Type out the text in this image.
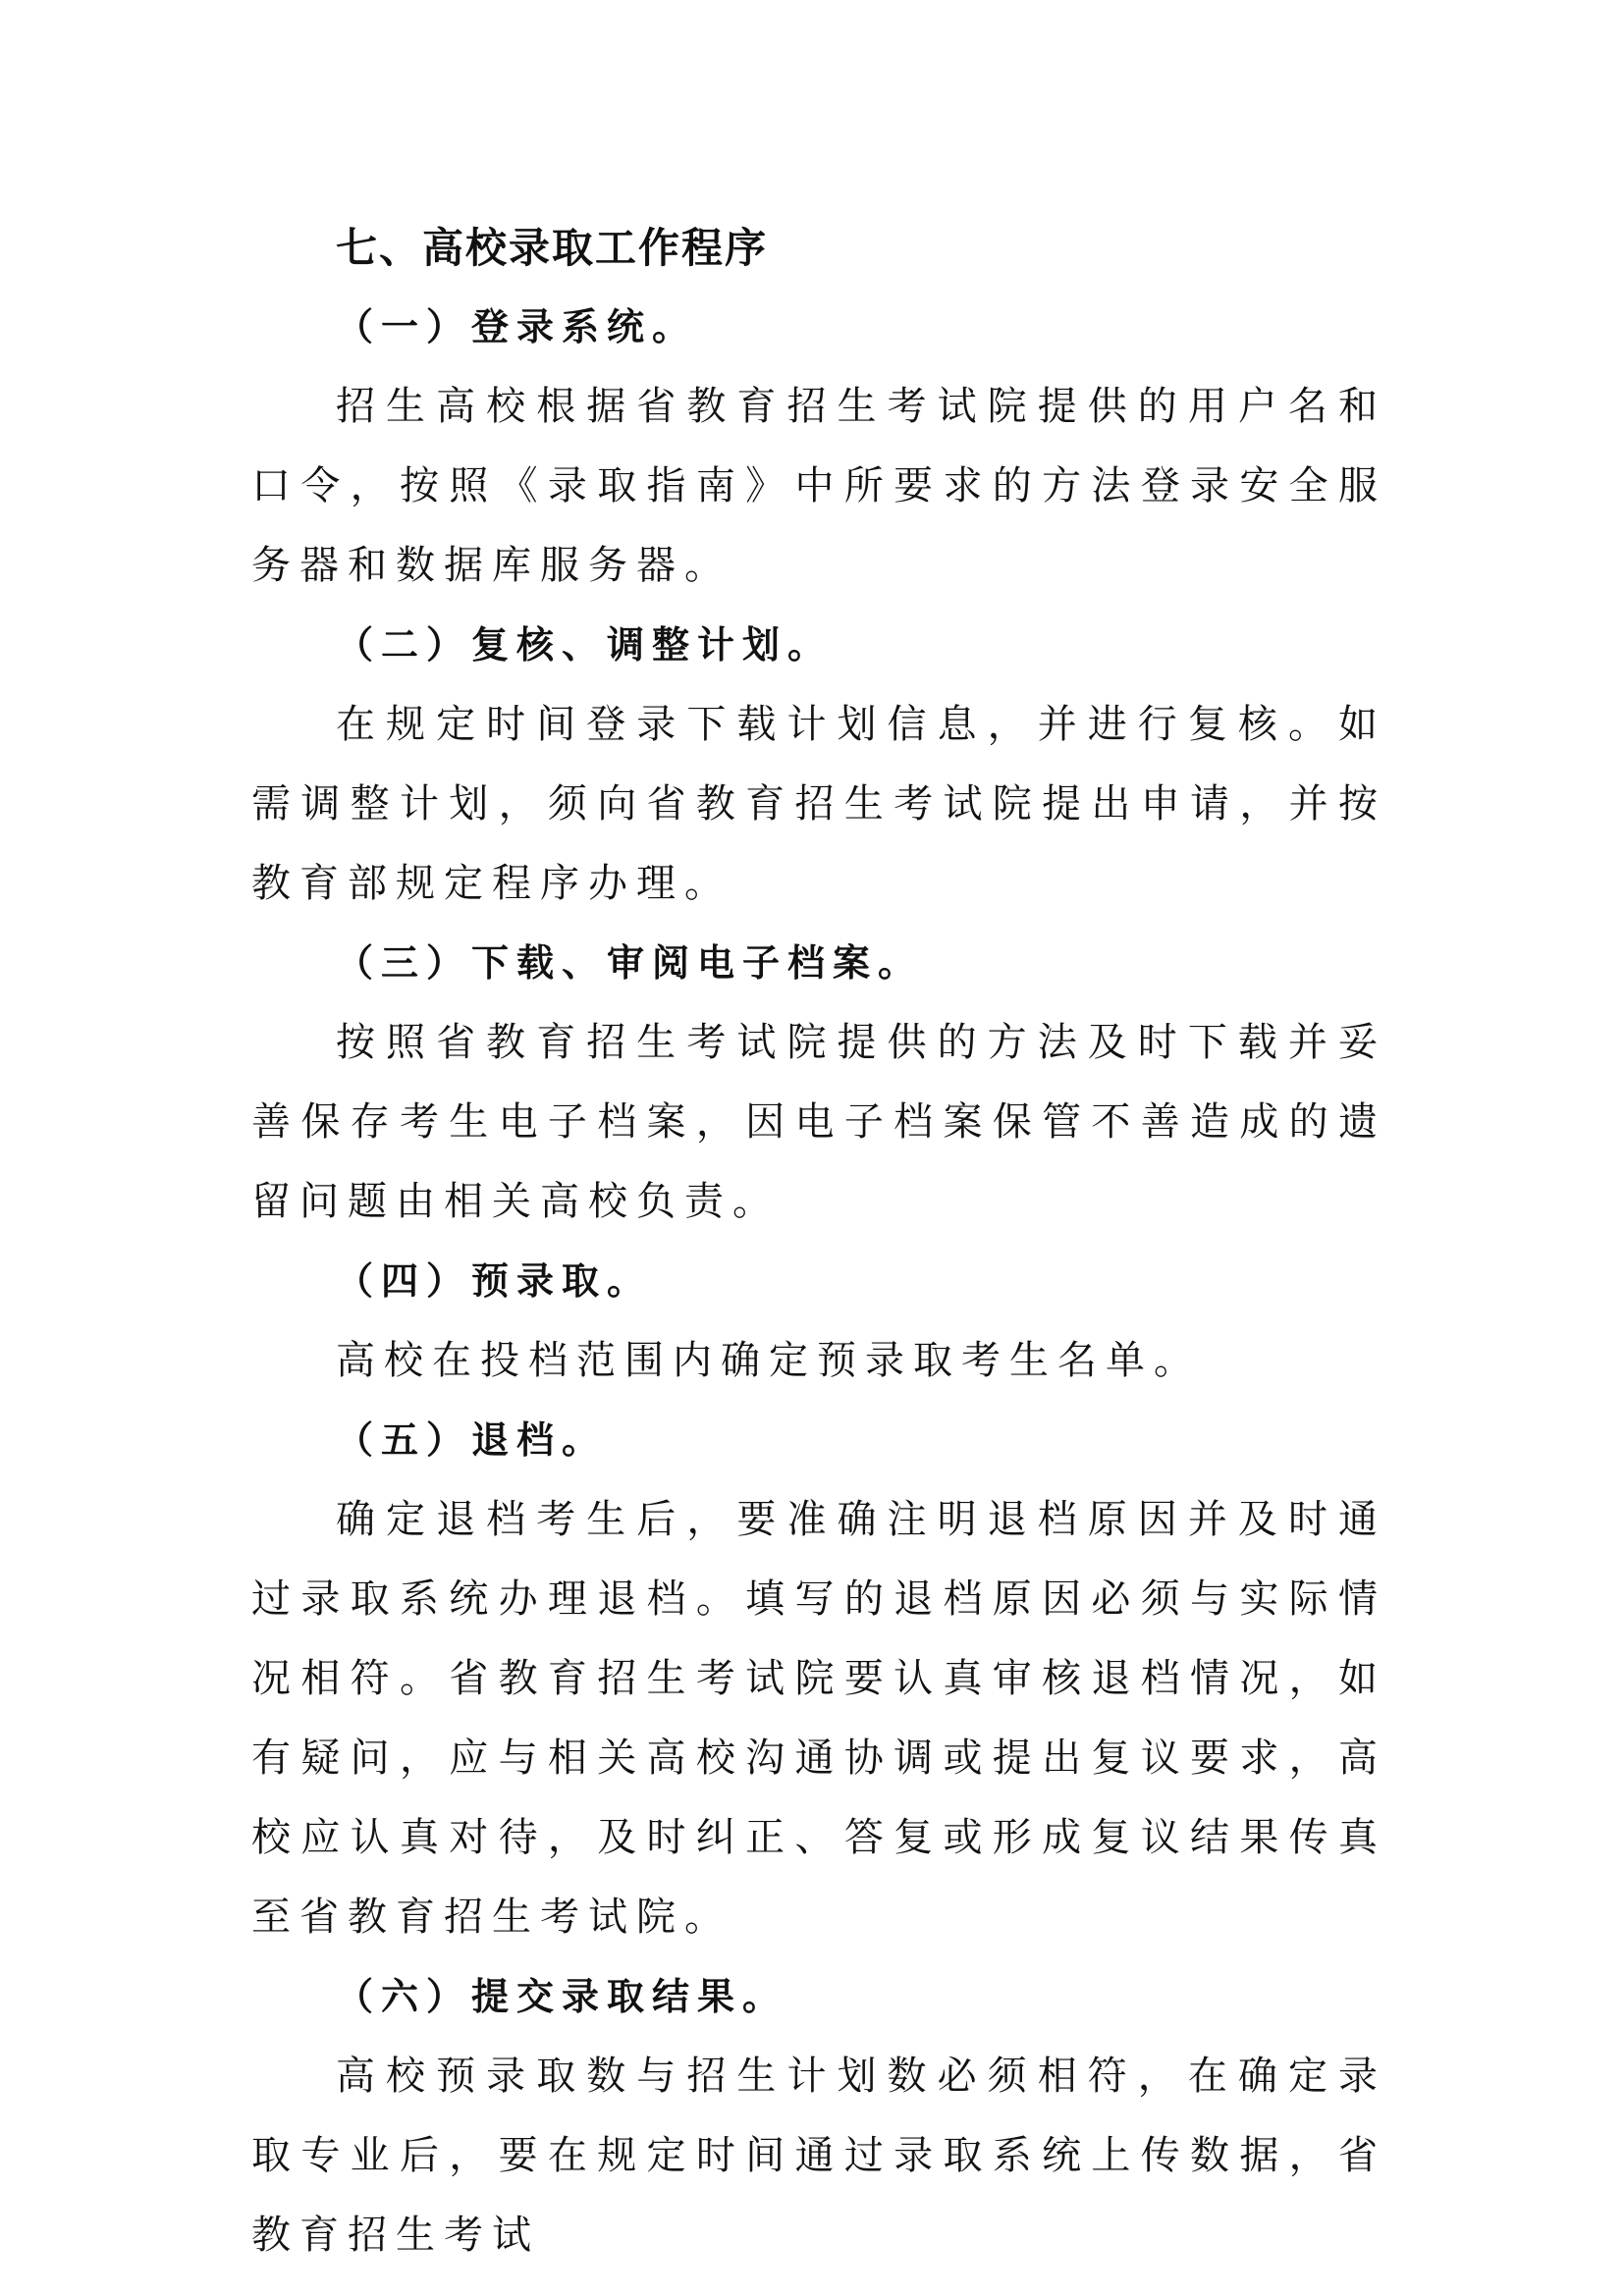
七、高校录取工作程序
（一）登录系统。

招生高校根据省教育招生考试院提供的用户名和口令，按照《录取指南》中所要求的方法登录安全服务器和数据库服务器。

（二）复核、调整计划。

在规定时间登录下载计划信息，并进行复核。如需调整计划，须向省教育招生考试院提出申请，并按教育部规定程序办理。

（三）下载、审阅电子档案。

按照省教育招生考试院提供的方法及时下载并妥善保存考生电子档案，因电子档案保管不善造成的遗留问题由相关高校负责。

（四）预录取。

高校在投档范围内确定预录取考生名单。

（五）退档。

确定退档考生后，要准确注明退档原因并及时通过录取系统办理退档。填写的退档原因必须与实际情况相符。省教育招生考试院要认真审核退档情况，如有疑问，应与相关高校沟通协调或提出复议要求，高校应认真对待，及时纠正、答复或形成复议结果传真至省教育招生考试院。

（六）提交录取结果。

高校预录取数与招生计划数必须相符，在确定录取专业后，要在规定时间通过录取系统上传数据，省教育招生考试
